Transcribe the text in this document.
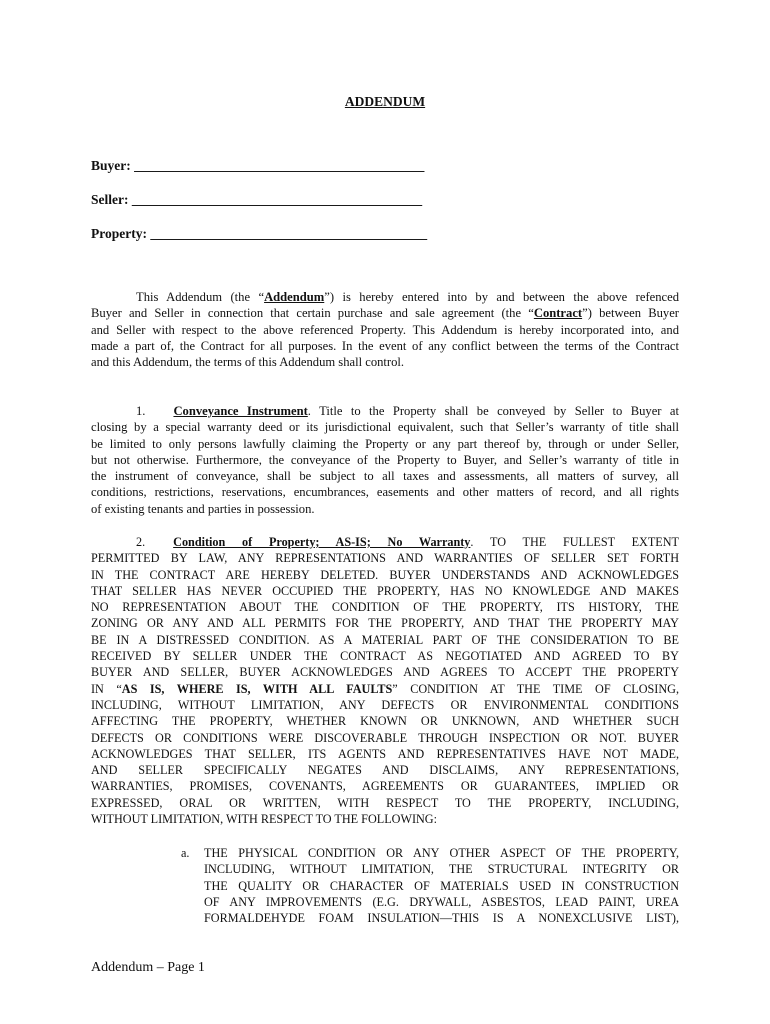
ADDENDUM
Buyer: ___________________________________________
Seller: ___________________________________________
Property: _________________________________________
This Addendum (the “Addendum”) is hereby entered into by and between the above refenced
Buyer and Seller in connection that certain purchase and sale agreement (the “Contract”) between Buyer
and Seller with respect to the above referenced Property. This Addendum is hereby incorporated into, and
made a part of, the Contract for all purposes. In the event of any conflict between the terms of the Contract
and this Addendum, the terms of this Addendum shall control.
1. Conveyance Instrument. Title to the Property shall be conveyed by Seller to Buyer at
closing by a special warranty deed or its jurisdictional equivalent, such that Seller’s warranty of title shall
be limited to only persons lawfully claiming the Property or any part thereof by, through or under Seller,
but not otherwise. Furthermore, the conveyance of the Property to Buyer, and Seller’s warranty of title in
the instrument of conveyance, shall be subject to all taxes and assessments, all matters of survey, all
conditions, restrictions, reservations, encumbrances, easements and other matters of record, and all rights
of existing tenants and parties in possession.
2. Condition of Property; AS-IS; No Warranty. TO THE FULLEST EXTENT
PERMITTED BY LAW, ANY REPRESENTATIONS AND WARRANTIES OF SELLER SET FORTH
IN THE CONTRACT ARE HEREBY DELETED. BUYER UNDERSTANDS AND ACKNOWLEDGES
THAT SELLER HAS NEVER OCCUPIED THE PROPERTY, HAS NO KNOWLEDGE AND MAKES
NO REPRESENTATION ABOUT THE CONDITION OF THE PROPERTY, ITS HISTORY, THE
ZONING OR ANY AND ALL PERMITS FOR THE PROPERTY, AND THAT THE PROPERTY MAY
BE IN A DISTRESSED CONDITION. AS A MATERIAL PART OF THE CONSIDERATION TO BE
RECEIVED BY SELLER UNDER THE CONTRACT AS NEGOTIATED AND AGREED TO BY
BUYER AND SELLER, BUYER ACKNOWLEDGES AND AGREES TO ACCEPT THE PROPERTY
IN “AS IS, WHERE IS, WITH ALL FAULTS” CONDITION AT THE TIME OF CLOSING,
INCLUDING, WITHOUT LIMITATION, ANY DEFECTS OR ENVIRONMENTAL CONDITIONS
AFFECTING THE PROPERTY, WHETHER KNOWN OR UNKNOWN, AND WHETHER SUCH
DEFECTS OR CONDITIONS WERE DISCOVERABLE THROUGH INSPECTION OR NOT. BUYER
ACKNOWLEDGES THAT SELLER, ITS AGENTS AND REPRESENTATIVES HAVE NOT MADE,
AND SELLER SPECIFICALLY NEGATES AND DISCLAIMS, ANY REPRESENTATIONS,
WARRANTIES, PROMISES, COVENANTS, AGREEMENTS OR GUARANTEES, IMPLIED OR
EXPRESSED, ORAL OR WRITTEN, WITH RESPECT TO THE PROPERTY, INCLUDING,
WITHOUT LIMITATION, WITH RESPECT TO THE FOLLOWING:
a. THE PHYSICAL CONDITION OR ANY OTHER ASPECT OF THE PROPERTY,
INCLUDING, WITHOUT LIMITATION, THE STRUCTURAL INTEGRITY OR
THE QUALITY OR CHARACTER OF MATERIALS USED IN CONSTRUCTION
OF ANY IMPROVEMENTS (E.G. DRYWALL, ASBESTOS, LEAD PAINT, UREA
FORMALDEHYDE FOAM INSULATION—THIS IS A NONEXCLUSIVE LIST),
Addendum – Page 1
